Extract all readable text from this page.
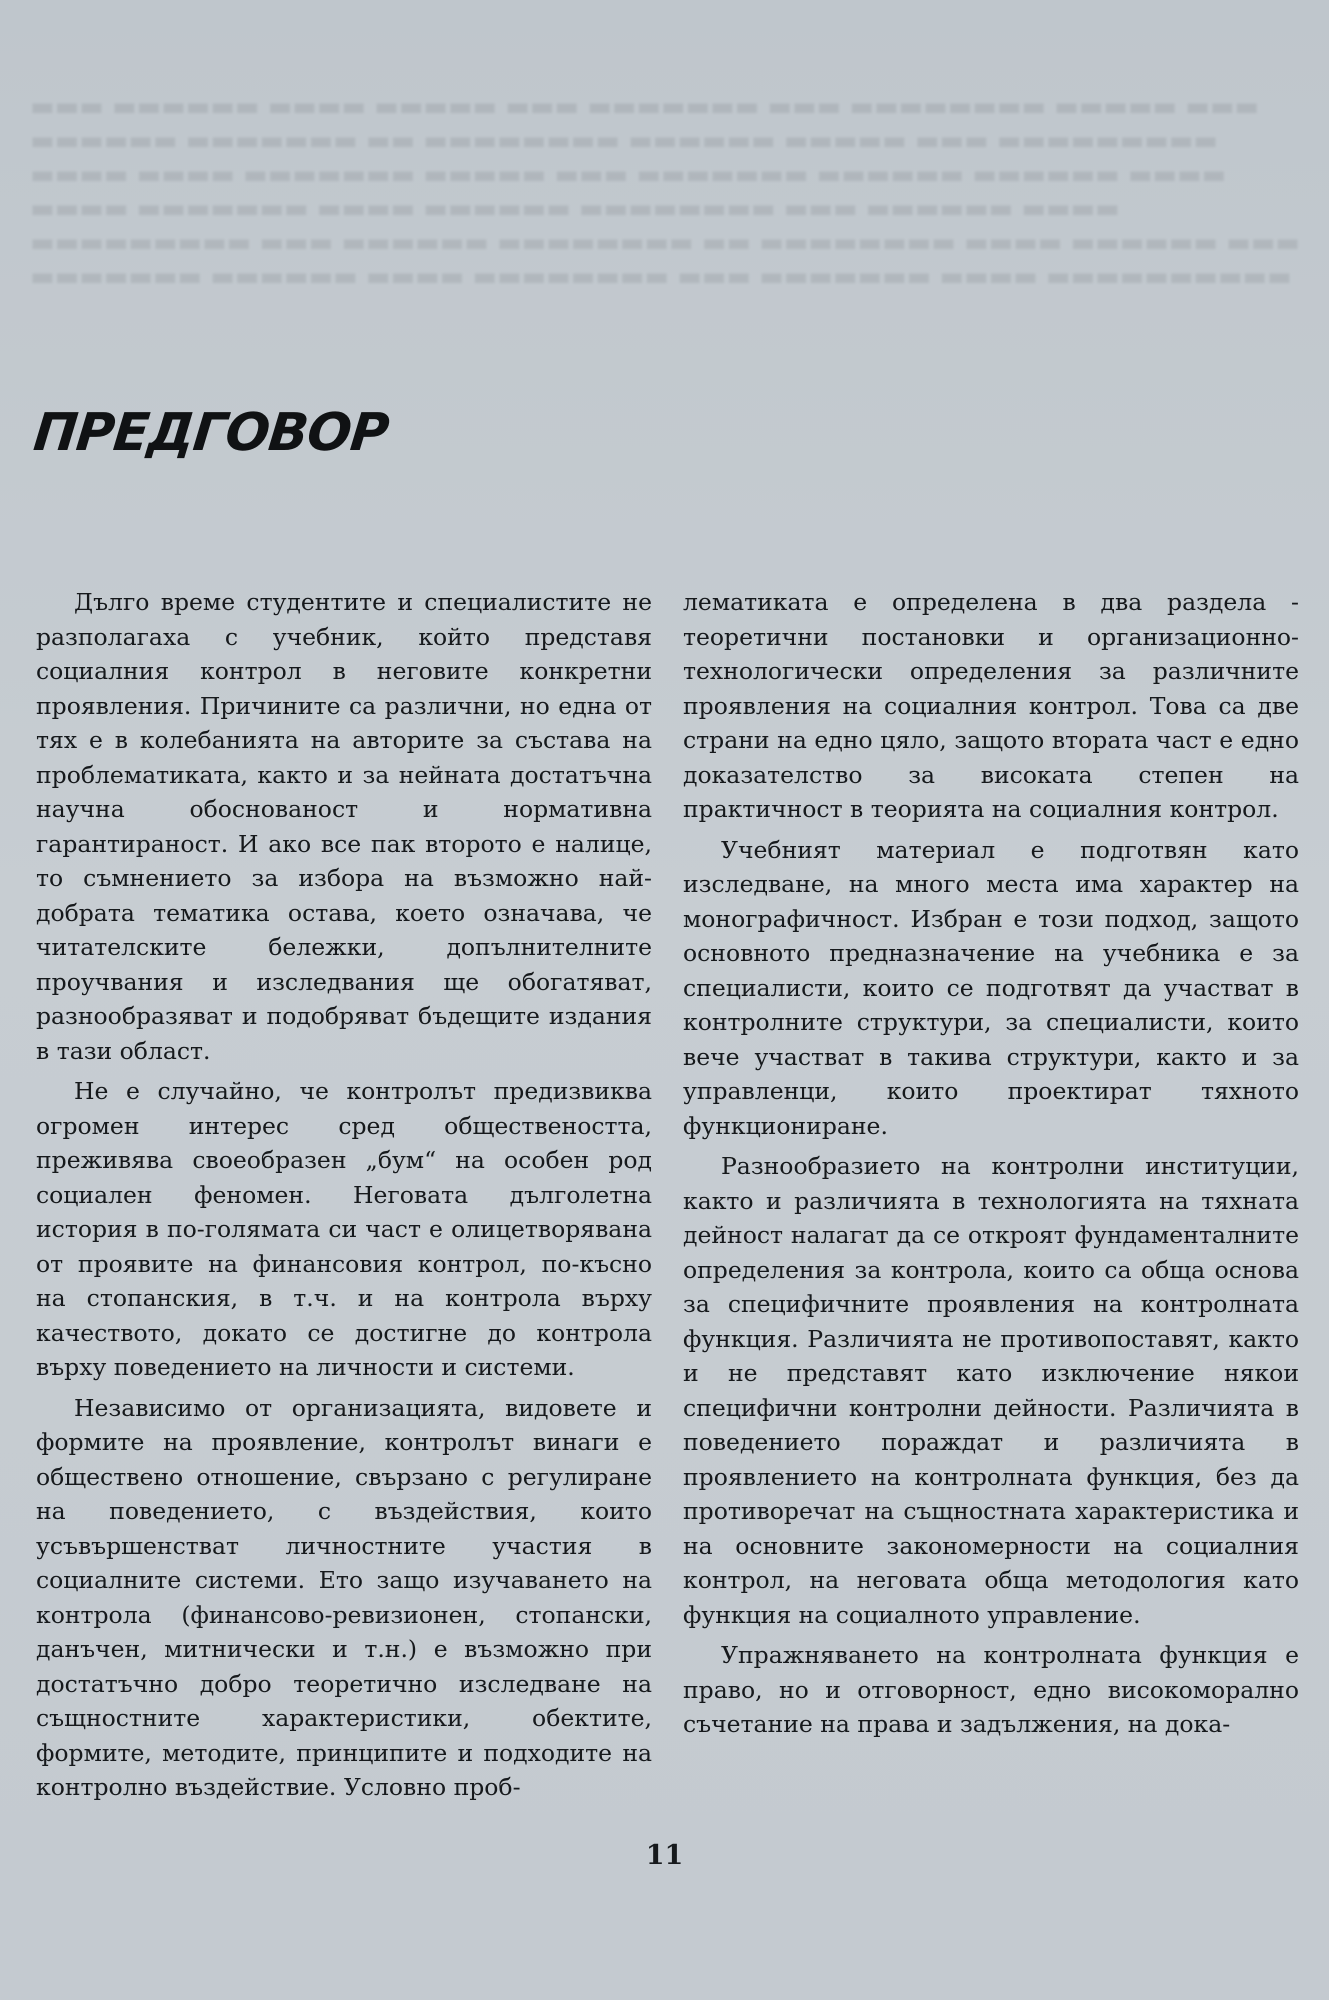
▬▬▬ ▬▬▬▬▬▬ ▬▬▬▬ ▬▬▬▬▬ ▬▬▬ ▬▬▬▬▬▬▬ ▬▬▬ ▬▬▬▬▬▬▬▬ ▬▬▬▬▬ ▬▬▬ ▬▬▬▬▬▬ ▬▬▬▬▬▬▬ ▬▬ ▬▬▬▬▬▬▬▬ ▬▬▬▬▬▬ ▬▬▬▬▬ ▬▬▬ ▬▬▬▬▬▬▬▬▬ ▬▬▬▬ ▬▬▬▬ ▬▬▬▬▬▬▬ ▬▬▬▬▬ ▬▬▬ ▬▬▬▬▬▬▬ ▬▬▬▬▬▬ ▬▬▬▬▬▬ ▬▬▬▬ ▬▬▬▬ ▬▬▬▬▬▬▬ ▬▬▬▬ ▬▬▬▬▬▬ ▬▬▬▬▬▬▬▬ ▬▬▬ ▬▬▬▬▬▬ ▬▬▬▬ ▬▬▬▬▬▬▬▬▬ ▬▬▬ ▬▬▬▬▬▬ ▬▬▬▬▬▬▬▬ ▬▬ ▬▬▬▬▬▬▬▬ ▬▬▬▬ ▬▬▬▬▬▬ ▬▬▬ ▬▬▬▬▬▬▬ ▬▬▬▬▬▬ ▬▬▬▬ ▬▬▬▬▬▬▬▬ ▬▬▬ ▬▬▬▬▬▬▬ ▬▬▬▬ ▬▬▬▬▬▬▬▬▬▬
ПРЕДГОВОР

Дълго време студентите и специалистите не разполагаха с учебник, който представя социалния контрол в неговите конкретни проявления. Причините са различни, но една от тях е в колебанията на авторите за състава на проблематиката, както и за нейната достатъчна научна обоснованост и нормативна гарантираност. И ако все пак второто е налице, то съмнението за избора на възможно най-добрата тематика остава, което означава, че читателските бележки, допълнителните проучвания и изследвания ще обогатяват, разнообразяват и подобряват бъдещите издания в тази област.

Не е случайно, че контролът предизвиква огромен интерес сред обществеността, преживява своеобразен „бум“ на особен род социален феномен. Неговата дълголетна история в по-голямата си част е олицетворявана от проявите на финансовия контрол, по-късно на стопанския, в т.ч. и на контрола върху качеството, докато се достигне до контрола върху поведението на личности и системи.

Независимо от организацията, видовете и формите на проявление, контролът винаги е обществено отношение, свързано с регулиране на поведението, с въздействия, които усъвършенстват личностните участия в социалните системи. Ето защо изучаването на контрола (финансово-ревизионен, стопански, данъчен, митнически и т.н.) е възможно при достатъчно добро теоретично изследване на същностните характеристики, обектите, формите, методите, принципите и подходите на контролно въздействие. Условно проб-

лематиката е определена в два раздела - теоретични постановки и организационно-технологически определения за различните проявления на социалния контрол. Това са две страни на едно цяло, защото втората част е едно доказателство за високата степен на практичност в теорията на социалния контрол.

Учебният материал е подготвян като изследване, на много места има характер на монографичност. Избран е този подход, защото основното предназначение на учебника е за специалисти, които се подготвят да участват в контролните структури, за специалисти, които вече участват в такива структури, както и за управленци, които проектират тяхното функциониране.

Разнообразието на контролни институции, както и различията в технологията на тяхната дейност налагат да се откроят фундаменталните определения за контрола, които са обща основа за специфичните проявления на контролната функция. Различията не противопоставят, както и не представят като изключение някои специфични контролни дейности. Различията в поведението пораждат и различията в проявлението на контролната функция, без да противоречат на същностната характеристика и на основните закономерности на социалния контрол, на неговата обща методология като функция на социалното управление.

Упражняването на контролната функция е право, но и отговорност, едно високоморално съчетание на права и задължения, на дока-

11
